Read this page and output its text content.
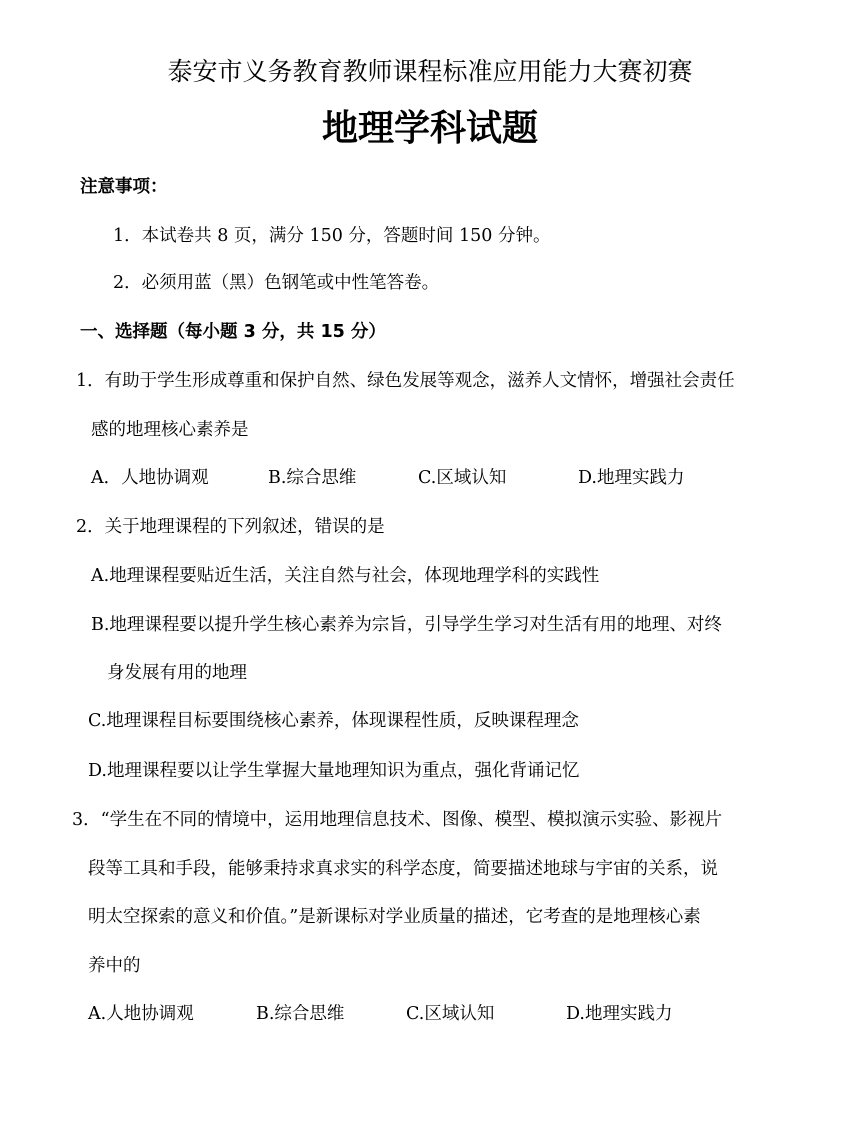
泰安市义务教育教师课程标准应用能力大赛初赛
地理学科试题
注意事项：
1．本试卷共 8 页，满分 150 分，答题时间 150 分钟。
2．必须用蓝（黑）色钢笔或中性笔答卷。
一、选择题（每小题 3 分，共 15 分）
1．有助于学生形成尊重和保护自然、绿色发展等观念，滋养人文情怀，增强社会责任
感的地理核心素养是
A．人地协调观	B.综合思维	C.区域认知	D.地理实践力
2．关于地理课程的下列叙述，错误的是
A.地理课程要贴近生活，关注自然与社会，体现地理学科的实践性
B.地理课程要以提升学生核心素养为宗旨，引导学生学习对生活有用的地理、对终
身发展有用的地理
C.地理课程目标要围绕核心素养，体现课程性质，反映课程理念
D.地理课程要以让学生掌握大量地理知识为重点，强化背诵记忆
3．“学生在不同的情境中，运用地理信息技术、图像、模型、模拟演示实验、影视片
段等工具和手段，能够秉持求真求实的科学态度，简要描述地球与宇宙的关系，说
明太空探索的意义和价值。”是新课标对学业质量的描述，它考查的是地理核心素
养中的
A.人地协调观	B.综合思维	C.区域认知	D.地理实践力
